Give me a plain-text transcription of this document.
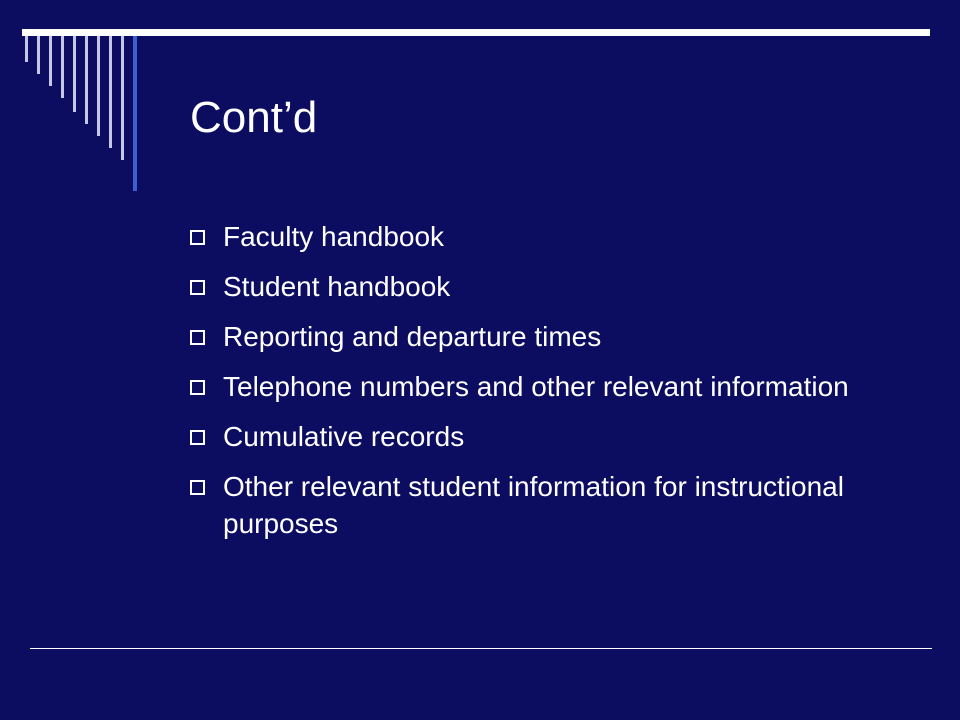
Cont’d
Faculty handbook
Student handbook
Reporting and departure times
Telephone numbers and other relevant information
Cumulative records
Other relevant student information for instructional purposes
